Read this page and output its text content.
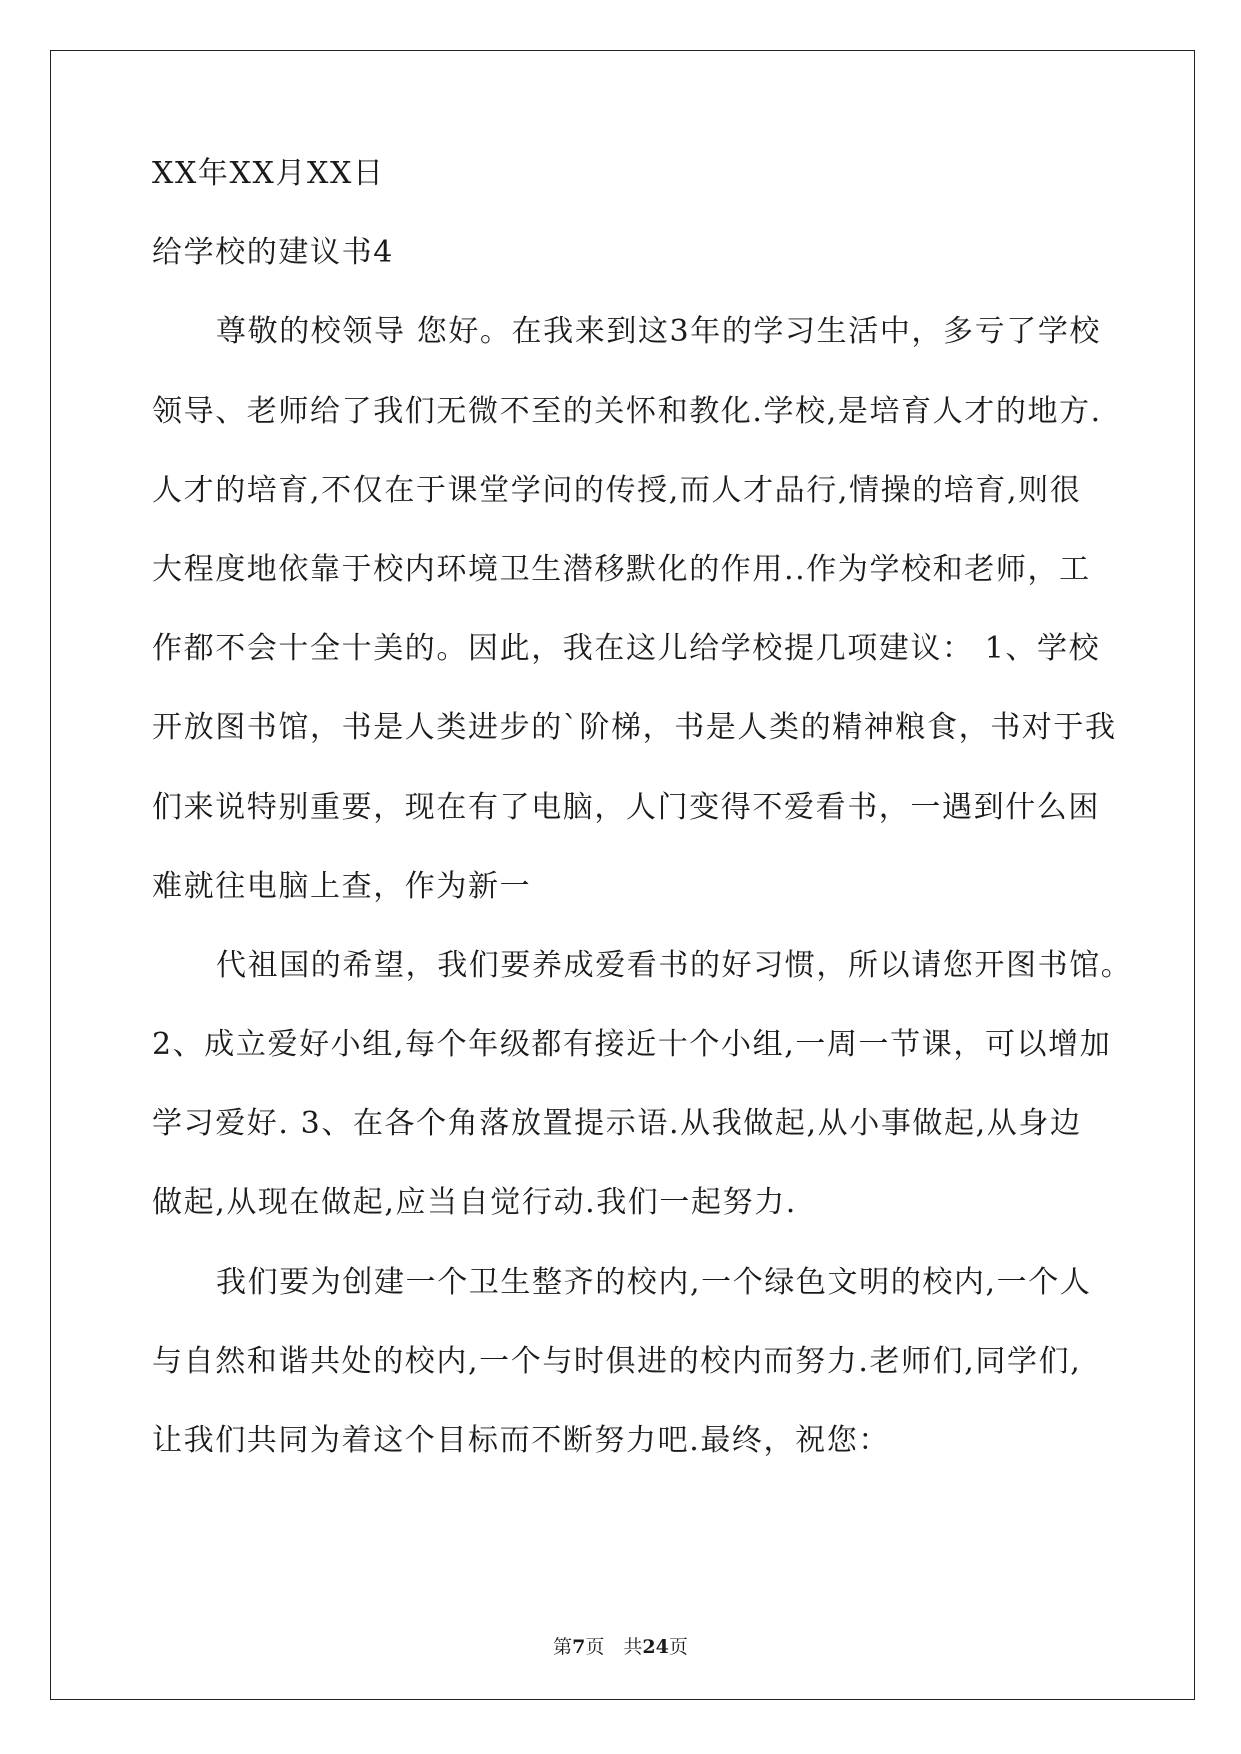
XX年XX月XX日
给学校的建议书4
尊敬的校领导 您好。在我来到这3年的学习生活中，多亏了学校
领导、老师给了我们无微不至的关怀和教化.学校,是培育人才的地方.
人才的培育,不仅在于课堂学问的传授,而人才品行,情操的培育,则很
大程度地依靠于校内环境卫生潜移默化的作用..作为学校和老师，工
作都不会十全十美的。因此，我在这儿给学校提几项建议： 1、学校
开放图书馆，书是人类进步的`阶梯，书是人类的精神粮食，书对于我
们来说特别重要，现在有了电脑，人门变得不爱看书，一遇到什么困
难就往电脑上查，作为新一
代祖国的希望，我们要养成爱看书的好习惯，所以请您开图书馆。
2、成立爱好小组,每个年级都有接近十个小组,一周一节课，可以增加
学习爱好. 3、在各个角落放置提示语.从我做起,从小事做起,从身边
做起,从现在做起,应当自觉行动.我们一起努力.
我们要为创建一个卫生整齐的校内,一个绿色文明的校内,一个人
与自然和谐共处的校内,一个与时俱进的校内而努力.老师们,同学们,
让我们共同为着这个目标而不断努力吧.最终，祝您：
第7页　共24页
